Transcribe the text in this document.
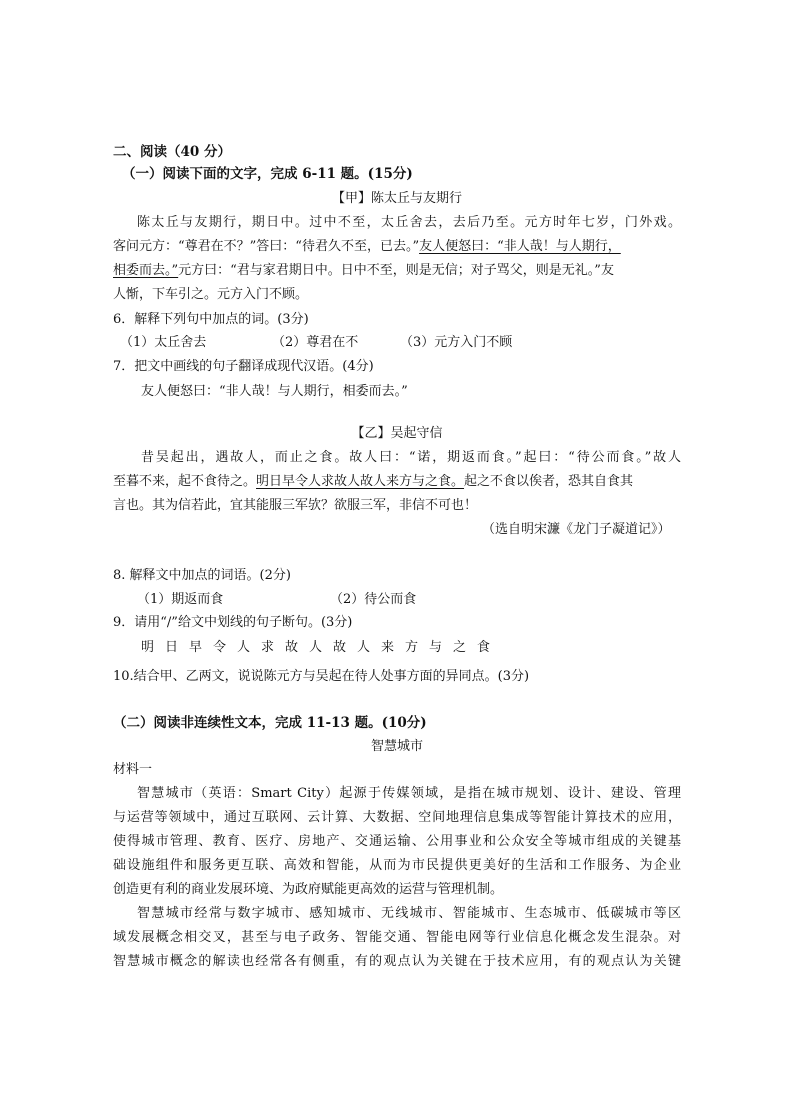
二、阅读（40 分）
（一）阅读下面的文字，完成 6-11 题。(15分)
【甲】陈太丘与友期行
陈太丘与友期行，期日中。过中不至，太丘舍去，去后乃至。元方时年七岁，门外戏。
客问元方：“尊君在不？”答曰：“待君久不至，已去。”友人便怒曰：“非人哉！与人期行，
相委而去。”元方曰：“君与家君期日中。日中不至，则是无信；对子骂父，则是无礼。”友
人惭，下车引之。元方入门不顾。
6．解释下列句中加点的词。(3分)
（1）太丘舍去	（2）尊君在不	（3）元方入门不顾
7．把文中画线的句子翻译成现代汉语。(4分)
友人便怒曰：“非人哉！与人期行，相委而去。”
【乙】吴起守信
昔吴起出，遇故人，而止之食。故人曰：“诺，期返而食。”起曰：“待公而食。”故人
至暮不来，起不食待之。明日早令人求故人故人来方与之食。起之不食以俟者，恐其自食其
言也。其为信若此，宜其能服三军欤？欲服三军，非信不可也！
（选自明宋濂《龙门子凝道记》）
8. 解释文中加点的词语。(2分)
（1）期返而食	（2）待公而食
9．请用“/”给文中划线的句子断句。(3分)
明日早令人求故人故人来方与之食
10.结合甲、乙两文，说说陈元方与吴起在待人处事方面的异同点。(3分)
（二）阅读非连续性文本，完成 11-13 题。(10分)
智慧城市
材料一
智慧城市（英语：Smart City）起源于传媒领域，是指在城市规划、设计、建设、管理
与运营等领域中，通过互联网、云计算、大数据、空间地理信息集成等智能计算技术的应用，
使得城市管理、教育、医疗、房地产、交通运输、公用事业和公众安全等城市组成的关键基
础设施组件和服务更互联、高效和智能，从而为市民提供更美好的生活和工作服务、为企业
创造更有利的商业发展环境、为政府赋能更高效的运营与管理机制。
智慧城市经常与数字城市、感知城市、无线城市、智能城市、生态城市、低碳城市等区
域发展概念相交叉，甚至与电子政务、智能交通、智能电网等行业信息化概念发生混杂。对
智慧城市概念的解读也经常各有侧重，有的观点认为关键在于技术应用，有的观点认为关键
